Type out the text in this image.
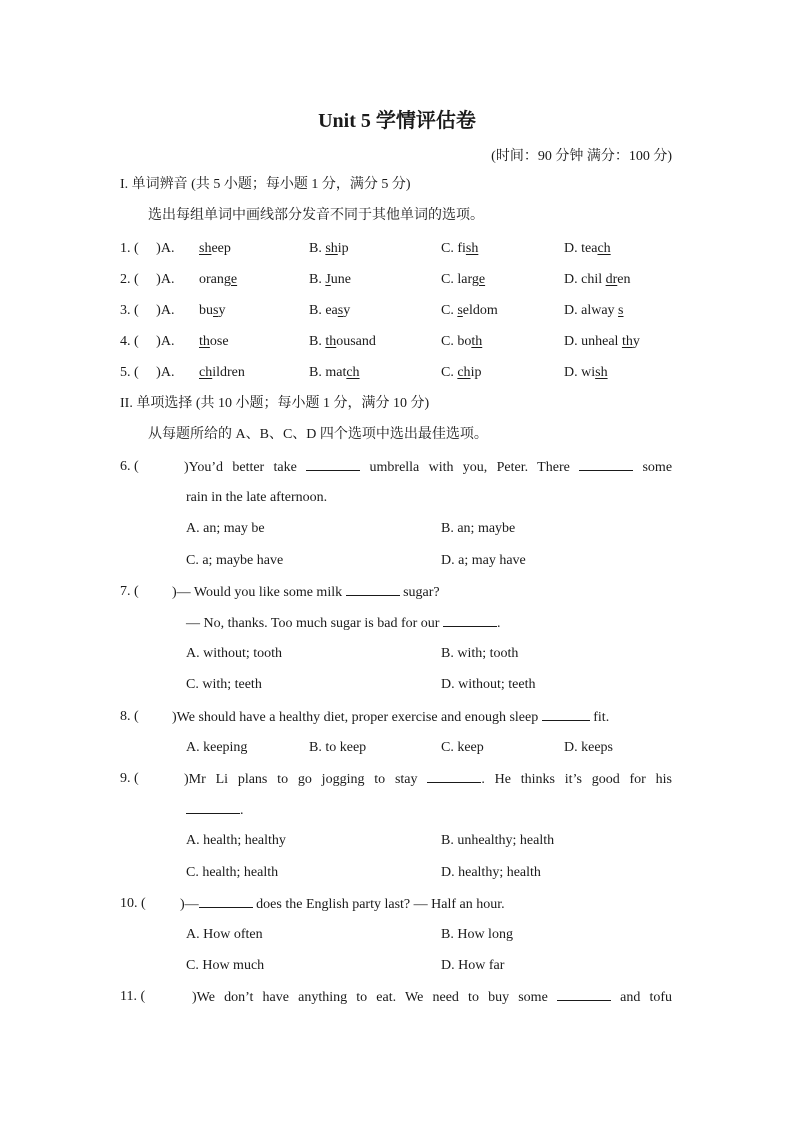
Unit 5 学情评估卷
(时间：90 分钟 满分：100 分)
I. 单词辨音 (共 5 小题；每小题 1 分，满分 5 分)
选出每组单词中画线部分发音不同于其他单词的选项。
1. ( )A. sheep	B. ship	C. fish	D. teach
2. ( )A. orange	B. June	C. large	D. chil dren
3. ( )A. busy	B. easy	C. seldom	D. alway s
4. ( )A. those	B. thousand	C. both	D. unheal thy
5. ( )A. children	B. match	C. chip	D. wish
II. 单项选择 (共 10 小题；每小题 1 分，满分 10 分)
从每题所给的 A、B、C、D 四个选项中选出最佳选项。
6. (	)You’d better take	umbrella with you, Peter. There	some
rain in the late afternoon.
A. an; may be	B. an; maybe
C. a; maybe have	D. a; may have
7. ( )— Would you like some milk	sugar?
— No, thanks. Too much sugar is bad for our	.
A. without; tooth	B. with; tooth
C. with; teeth	D. without; teeth
8. ( )We should have a healthy diet, proper exercise and enough sleep	fit.
A. keeping	B. to keep	C. keep	D. keeps
9. (	)Mr Li plans to go jogging to stay	. He thinks it’s good for his
.
A. health; healthy	B. unhealthy; health
C. health; health	D. healthy; health
10. ( )—	does the English party last? — Half an hour.
A. How often	B. How long
C. How much	D. How far
11. (	)We don’t have anything to eat. We need to buy some	and tofu
